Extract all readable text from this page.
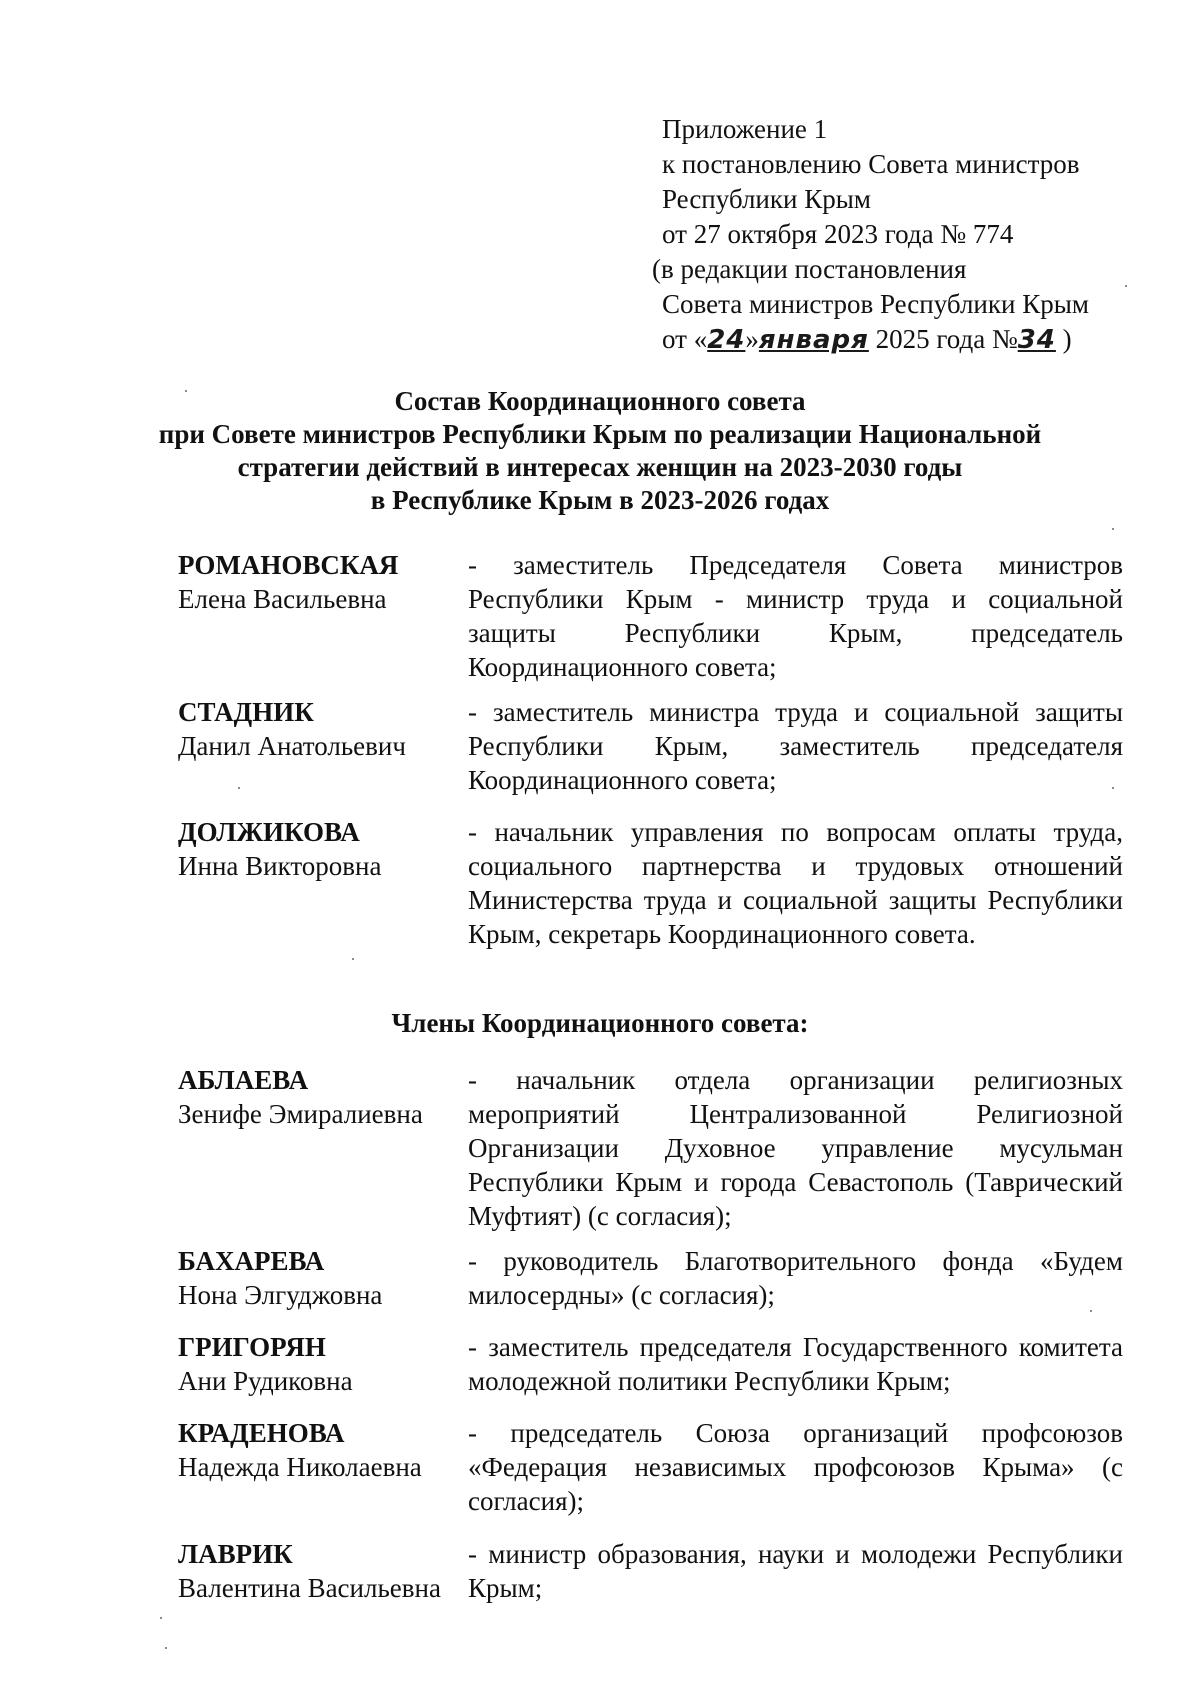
Приложение 1
к постановлению Совета министров
Республики Крым
от 27 октября 2023 года № 774
(в редакции постановления
Совета министров Республики Крым
от «24»января 2025 года №34 )
Состав Координационного совета
при Совете министров Республики Крым по реализации Национальной
стратегии действий в интересах женщин на 2023-2030 годы
в Республике Крым в 2023-2026 годах
РОМАНОВСКАЯ
Елена Васильевна
- заместитель Председателя Совета министров Республики Крым - министр труда и социальной защиты Республики Крым, председатель Координационного совета;
СТАДНИК
Данил Анатольевич
- заместитель министра труда и социальной защиты Республики Крым, заместитель председателя Координационного совета;
ДОЛЖИКОВА
Инна Викторовна
- начальник управления по вопросам оплаты труда, социального партнерства и трудовых отношений Министерства труда и социальной защиты Республики Крым, секретарь Координационного совета.
Члены Координационного совета:
АБЛАЕВА
Зенифе Эмиралиевна
- начальник отдела организации религиозных мероприятий Централизованной Религиозной Организации Духовное управление мусульман Республики Крым и города Севастополь (Таврический Муфтият) (с согласия);
БАХАРЕВА
Нона Элгуджовна
- руководитель Благотворительного фонда «Будем милосердны» (с согласия);
ГРИГОРЯН
Ани Рудиковна
- заместитель председателя Государственного комитета молодежной политики Республики Крым;
КРАДЕНОВА
Надежда Николаевна
- председатель Союза организаций профсоюзов «Федерация независимых профсоюзов Крыма» (с согласия);
ЛАВРИК
Валентина Васильевна
- министр образования, науки и молодежи Республики Крым;
